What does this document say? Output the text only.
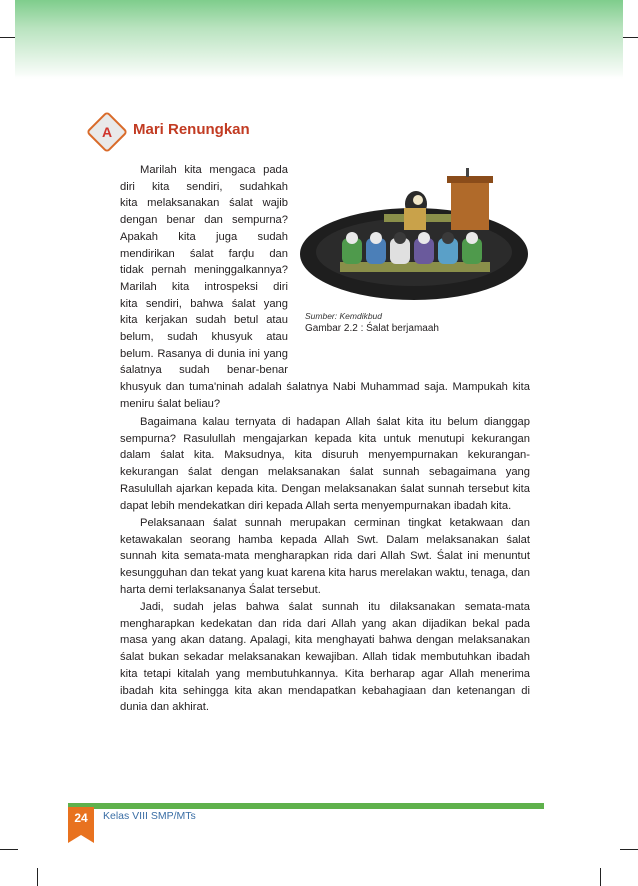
A	Mari Renungkan
Sumber: Kemdikbud
Gambar 2.2 : Śalat berjamaah
Marilah kita mengaca pada
diri kita sendiri, sudahkah
kita melaksanakan śalat wajib
dengan benar dan sempurna?
Apakah kita juga sudah
mendirikan śalat farḑu dan
tidak pernah meninggalkannya?
Marilah kita introspeksi diri
kita sendiri, bahwa śalat yang
kita kerjakan sudah betul atau
belum, sudah khusyuk atau
belum. Rasanya di dunia ini yang
śalatnya sudah benar-benar

khusyuk dan tuma'ninah adalah śalatnya Nabi Muhammad saja. Mampukah kita meniru śalat beliau?

Bagaimana kalau ternyata di hadapan Allah śalat kita itu belum dianggap sempurna? Rasulullah mengajarkan kepada kita untuk menutupi kekurangan dalam śalat kita. Maksudnya, kita disuruh menyempurnakan kekurangan-kekurangan śalat dengan melaksanakan śalat sunnah sebagaimana yang Rasulullah ajarkan kepada kita. Dengan melaksanakan śalat sunnah tersebut kita dapat lebih mendekatkan diri kepada Allah serta menyempurnakan ibadah kita.

Pelaksanaan śalat sunnah merupakan cerminan tingkat ketakwaan dan ketawakalan seorang hamba kepada Allah Swt. Dalam melaksanakan śalat sunnah kita semata-mata mengharapkan rida dari Allah Swt. Śalat ini menuntut kesungguhan dan tekat yang kuat karena kita harus merelakan waktu, tenaga, dan harta demi terlaksananya Śalat tersebut.

Jadi, sudah jelas bahwa śalat sunnah itu dilaksanakan semata-mata mengharapkan kedekatan dan rida dari Allah yang akan dijadikan bekal pada masa yang akan datang. Apalagi, kita menghayati bahwa dengan melaksanakan śalat bukan sekadar melaksanakan kewajiban. Allah tidak membutuhkan ibadah kita tetapi kitalah yang membutuhkannya. Kita berharap agar Allah menerima ibadah kita sehingga kita akan mendapatkan kebahagiaan dan ketenangan di dunia dan akhirat.

24	Kelas VIII SMP/MTs
